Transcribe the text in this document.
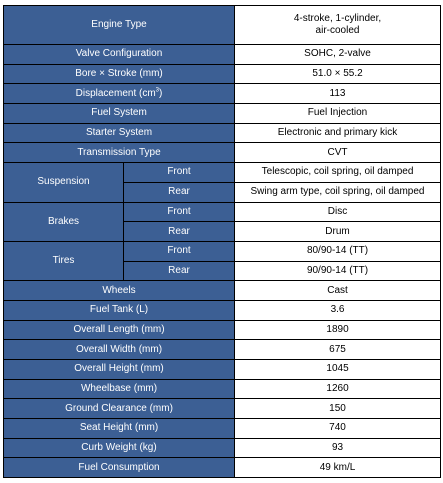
Engine Type		4-stroke, 1-cylinder,
air-cooled
Valve Configuration		SOHC, 2-valve
Bore × Stroke (mm)		51.0 × 55.2
Displacement $(cm^3)$		113
Fuel System		Fuel Injection
Starter System		Electronic and primary kick
Transmission Type		CVT
Suspension	Front	Telescopic, coil spring, oil damped
	Rear	Swing arm type, coil spring, oil damped
Brakes	Front	Disc
	Rear	Drum
Tires	Front	80/90-14 (TT)
	Rear	90/90-14 (TT)
Wheels		Cast
Fuel Tank (L)		3.6
Overall Length (mm)		1890
Overall Width (mm)		675
Overall Height (mm)		1045
Wheelbase (mm)		1260
Ground Clearance (mm)		150
Seat Height (mm)		740
Curb Weight (kg)		93
Fuel Consumption		49 km/L
